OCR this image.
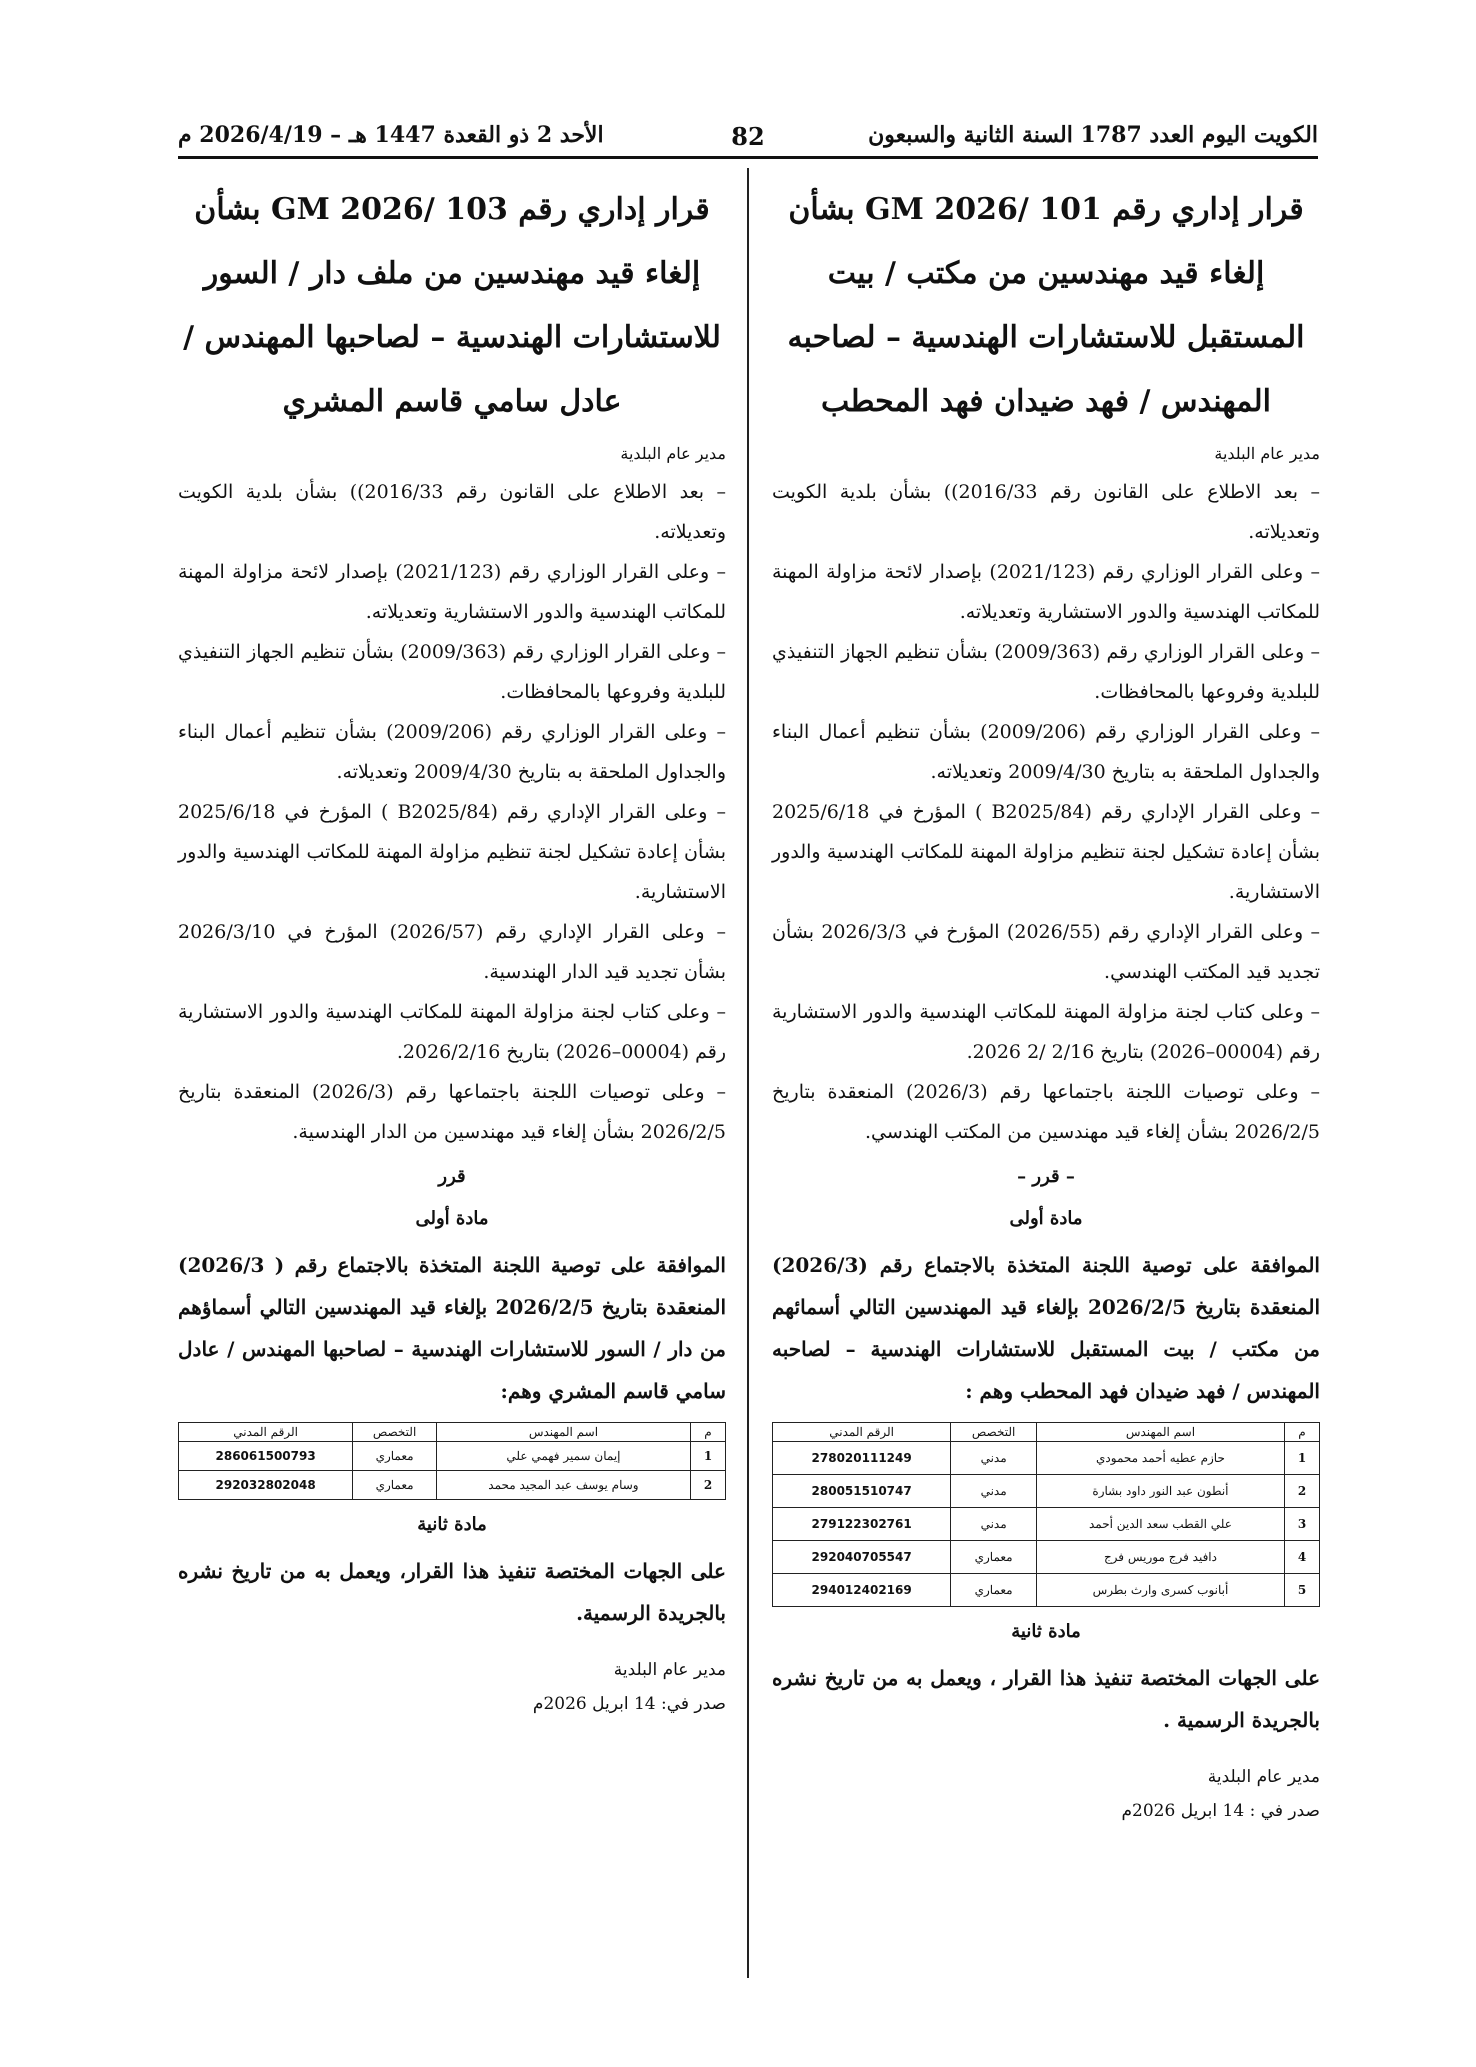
الكويت اليوم العدد 1787 السنة الثانية والسبعون
82
الأحد 2 ذو القعدة 1447 هـ – 2026/4/19 م
قرار إداري رقم GM 2026/ 101 بشأن إلغاء قيد مهندسين من مكتب / بيت المستقبل للاستشارات الهندسية – لصاحبه المهندس / فهد ضيدان فهد المحطب
مدير عام البلدية

– بعد الاطلاع على القانون رقم 2016/33)) بشأن بلدية الكويت وتعديلاته.

– وعلى القرار الوزاري رقم (2021/123) بإصدار لائحة مزاولة المهنة للمكاتب الهندسية والدور الاستشارية وتعديلاته.

– وعلى القرار الوزاري رقم (2009/363) بشأن تنظيم الجهاز التنفيذي للبلدية وفروعها بالمحافظات.

– وعلى القرار الوزاري رقم (2009/206) بشأن تنظيم أعمال البناء والجداول الملحقة به بتاريخ 2009/4/30 وتعديلاته.

– وعلى القرار الإداري رقم (B2025/84 ) المؤرخ في 2025/6/18 بشأن إعادة تشكيل لجنة تنظيم مزاولة المهنة للمكاتب الهندسية والدور الاستشارية.

– وعلى القرار الإداري رقم (2026/55) المؤرخ في 2026/3/3 بشأن تجديد قيد المكتب الهندسي.

– وعلى كتاب لجنة مزاولة المهنة للمكاتب الهندسية والدور الاستشارية رقم (00004–2026) بتاريخ 2/16 /2 2026.

– وعلى توصيات اللجنة باجتماعها رقم (2026/3) المنعقدة بتاريخ 2026/2/5 بشأن إلغاء قيد مهندسين من المكتب الهندسي.

– قرر –
مادة أولى

الموافقة على توصية اللجنة المتخذة بالاجتماع رقم (2026/3) المنعقدة بتاريخ 2026/2/5 بإلغاء قيد المهندسين التالي أسمائهم من مكتب / بيت المستقبل للاستشارات الهندسية – لصاحبه المهندس / فهد ضيدان فهد المحطب وهم :

م	اسم المهندس	التخصص	الرقم المدني
1	حازم عطيه أحمد محمودي	مدني	278020111249
2	أنطون عبد النور داود بشارة	مدني	280051510747
3	علي القطب سعد الدين أحمد	مدني	279122302761
4	دافيد فرج موريس فرج	معماري	292040705547
5	أبانوب كسرى وارث بطرس	معماري	294012402169
مادة ثانية

على الجهات المختصة تنفيذ هذا القرار ، ويعمل به من تاريخ نشره بالجريدة الرسمية .

مدير عام البلدية
صدر في : 14 ابريل 2026م
قرار إداري رقم 103 /GM 2026 بشأن إلغاء قيد مهندسين من ملف دار / السور للاستشارات الهندسية – لصاحبها المهندس / عادل سامي قاسم المشري
مدير عام البلدية

– بعد الاطلاع على القانون رقم 2016/33)) بشأن بلدية الكويت وتعديلاته.

– وعلى القرار الوزاري رقم (2021/123) بإصدار لائحة مزاولة المهنة للمكاتب الهندسية والدور الاستشارية وتعديلاته.

– وعلى القرار الوزاري رقم (2009/363) بشأن تنظيم الجهاز التنفيذي للبلدية وفروعها بالمحافظات.

– وعلى القرار الوزاري رقم (2009/206) بشأن تنظيم أعمال البناء والجداول الملحقة به بتاريخ 2009/4/30 وتعديلاته.

– وعلى القرار الإداري رقم (B2025/84 ) المؤرخ في 2025/6/18 بشأن إعادة تشكيل لجنة تنظيم مزاولة المهنة للمكاتب الهندسية والدور الاستشارية.

– وعلى القرار الإداري رقم (2026/57) المؤرخ في 2026/3/10 بشأن تجديد قيد الدار الهندسية.

– وعلى كتاب لجنة مزاولة المهنة للمكاتب الهندسية والدور الاستشارية رقم (00004–2026) بتاريخ 2026/2/16.

– وعلى توصيات اللجنة باجتماعها رقم (2026/3) المنعقدة بتاريخ 2026/2/5 بشأن إلغاء قيد مهندسين من الدار الهندسية.

قرر
مادة أولى

الموافقة على توصية اللجنة المتخذة بالاجتماع رقم ( 2026/3) المنعقدة بتاريخ 2026/2/5 بإلغاء قيد المهندسين التالي أسماؤهم من دار / السور للاستشارات الهندسية – لصاحبها المهندس / عادل سامي قاسم المشري وهم:

م	اسم المهندس	التخصص	الرقم المدني
1	إيمان سمير فهمي علي	معماري	286061500793
2	وسام يوسف عبد المجيد محمد	معماري	292032802048
مادة ثانية

على الجهات المختصة تنفيذ هذا القرار، ويعمل به من تاريخ نشره بالجريدة الرسمية.

مدير عام البلدية
صدر في: 14 ابريل 2026م
